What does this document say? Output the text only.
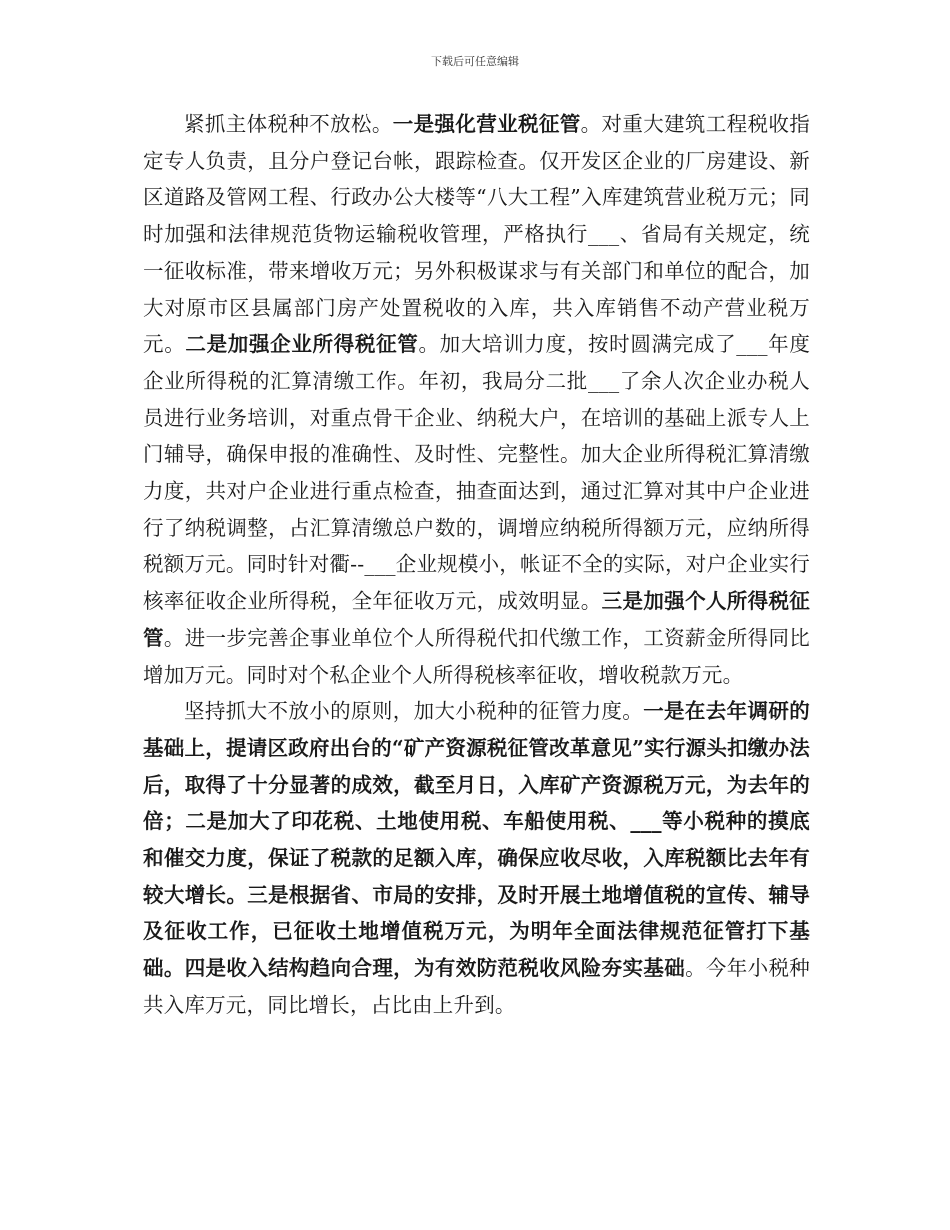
下载后可任意编辑

紧抓主体税种不放松。一是强化营业税征管。对重大建筑工程税收指定专人负责，且分户登记台帐，跟踪检查。仅开发区企业的厂房建设、新区道路及管网工程、行政办公大楼等“八大工程”入库建筑营业税万元；同时加强和法律规范货物运输税收管理，严格执行___、省局有关规定，统一征收标准，带来增收万元；另外积极谋求与有关部门和单位的配合，加大对原市区县属部门房产处置税收的入库，共入库销售不动产营业税万元。二是加强企业所得税征管。加大培训力度，按时圆满完成了___年度企业所得税的汇算清缴工作。年初，我局分二批___了余人次企业办税人员进行业务培训，对重点骨干企业、纳税大户，在培训的基础上派专人上门辅导，确保申报的准确性、及时性、完整性。加大企业所得税汇算清缴力度，共对户企业进行重点检查，抽查面达到，通过汇算对其中户企业进行了纳税调整，占汇算清缴总户数的，调增应纳税所得额万元，应纳所得税额万元。同时针对衢--___企业规模小，帐证不全的实际，对户企业实行核率征收企业所得税，全年征收万元，成效明显。三是加强个人所得税征管。进一步完善企事业单位个人所得税代扣代缴工作，工资薪金所得同比增加万元。同时对个私企业个人所得税核率征收，增收税款万元。

坚持抓大不放小的原则，加大小税种的征管力度。一是在去年调研的基础上，提请区政府出台的“矿产资源税征管改革意见”实行源头扣缴办法后，取得了十分显著的成效，截至月日，入库矿产资源税万元，为去年的倍；二是加大了印花税、土地使用税、车船使用税、___等小税种的摸底和催交力度，保证了税款的足额入库，确保应收尽收，入库税额比去年有较大增长。三是根据省、市局的安排，及时开展土地增值税的宣传、辅导及征收工作，已征收土地增值税万元，为明年全面法律规范征管打下基础。四是收入结构趋向合理，为有效防范税收风险夯实基础。今年小税种共入库万元，同比增长，占比由上升到。
